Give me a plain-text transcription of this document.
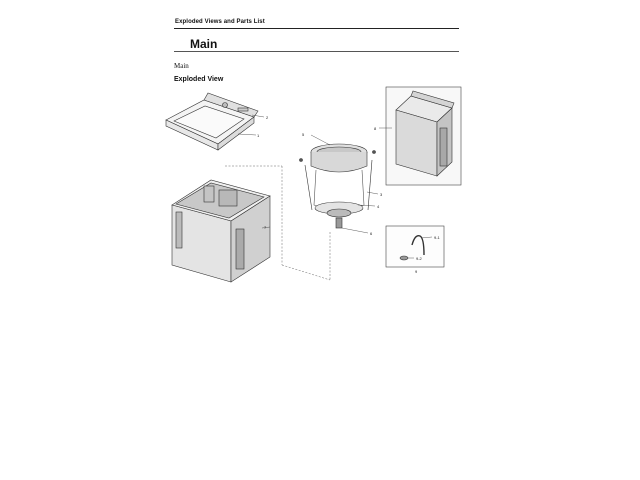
Exploded Views and Parts List
Main
Main
Exploded View
1
2
3
4
5
6
7
8
9
9-1
9-2
